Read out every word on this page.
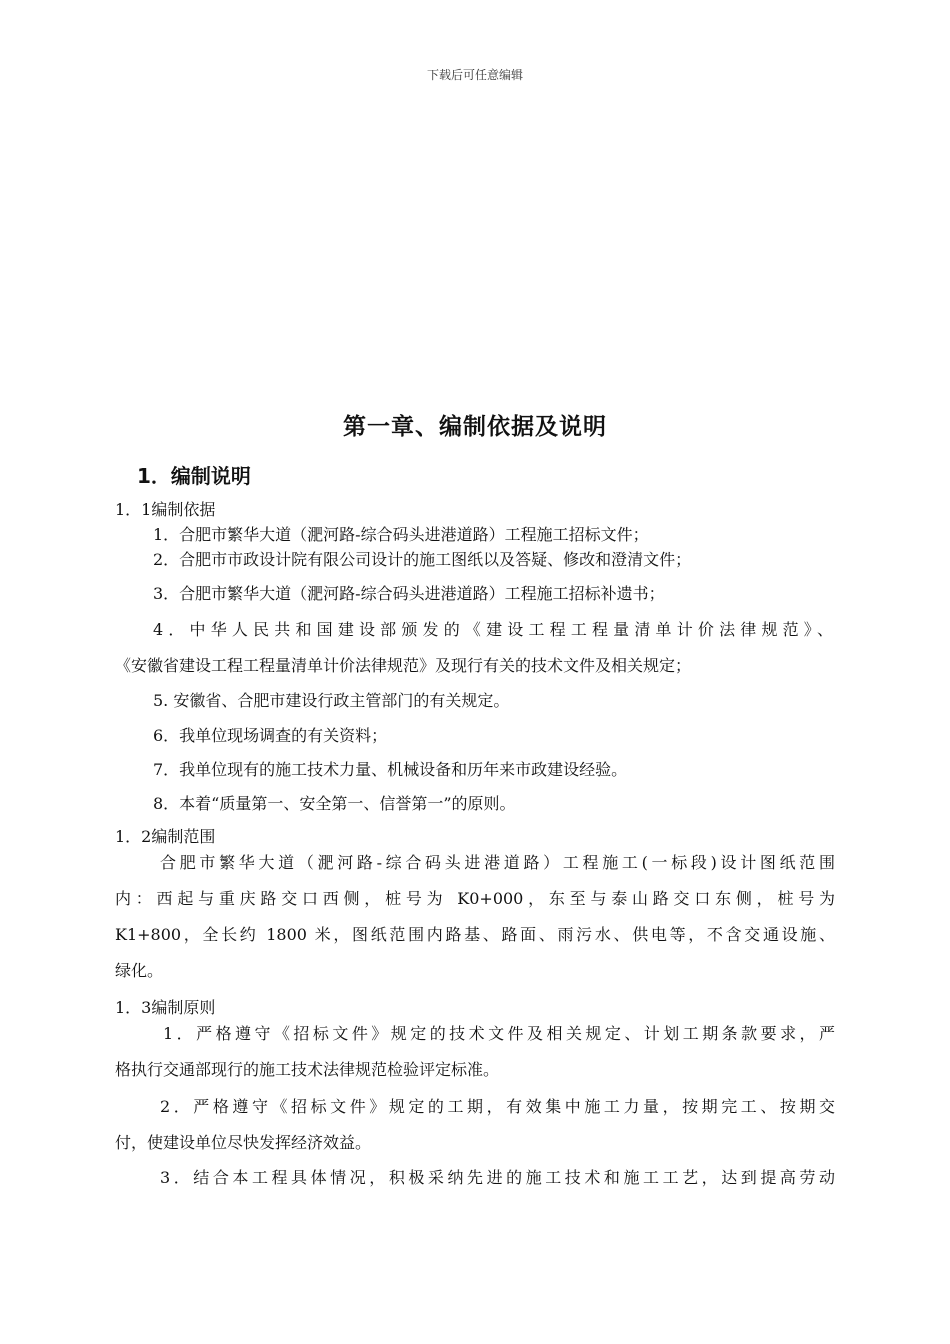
下载后可任意编辑
第一章、编制依据及说明
1．编制说明
1．1编制依据
1．合肥市繁华大道（淝河路-综合码头进港道路）工程施工招标文件；
2．合肥市市政设计院有限公司设计的施工图纸以及答疑、修改和澄清文件；
3．合肥市繁华大道（淝河路-综合码头进港道路）工程施工招标补遗书；
4．中华人民共和国建设部颁发的《建设工程工程量清单计价法律规范》、
《安徽省建设工程工程量清单计价法律规范》及现行有关的技术文件及相关规定；
5. 安徽省、合肥市建设行政主管部门的有关规定。
6．我单位现场调查的有关资料；
7．我单位现有的施工技术力量、机械设备和历年来市政建设经验。
8．本着“质量第一、安全第一、信誉第一”的原则。
1．2编制范围
合肥市繁华大道（淝河路-综合码头进港道路）工程施工(一标段)设计图纸范围
内：西起与重庆路交口西侧，桩号为 K0+000，东至与泰山路交口东侧，桩号为
K1+800，全长约 1800 米，图纸范围内路基、路面、雨污水、供电等，不含交通设施、
绿化。
1．3编制原则
1．严格遵守《招标文件》规定的技术文件及相关规定、计划工期条款要求，严
格执行交通部现行的施工技术法律规范检验评定标准。
2．严格遵守《招标文件》规定的工期，有效集中施工力量，按期完工、按期交
付，使建设单位尽快发挥经济效益。
3．结合本工程具体情况，积极采纳先进的施工技术和施工工艺，达到提高劳动
